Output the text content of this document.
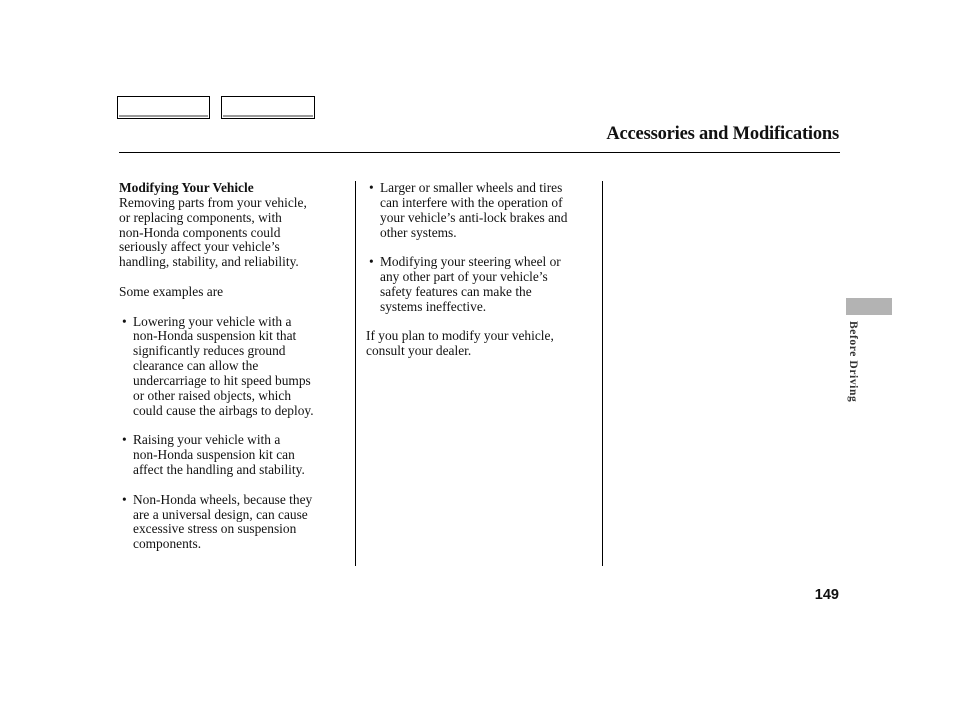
Accessories and Modifications
Modifying Your Vehicle
Removing parts from your vehicle,
or replacing components, with
non-Honda components could
seriously affect your vehicle’s
handling, stability, and reliability.
Some examples are
• Lowering your vehicle with a
non-Honda suspension kit that
significantly reduces ground
clearance can allow the
undercarriage to hit speed bumps
or other raised objects, which
could cause the airbags to deploy.
• Raising your vehicle with a
non-Honda suspension kit can
affect the handling and stability.
• Non-Honda wheels, because they
are a universal design, can cause
excessive stress on suspension
components.
• Larger or smaller wheels and tires
can interfere with the operation of
your vehicle’s anti-lock brakes and
other systems.
• Modifying your steering wheel or
any other part of your vehicle’s
safety features can make the
systems ineffective.
If you plan to modify your vehicle,
consult your dealer.	Before Driving
149
